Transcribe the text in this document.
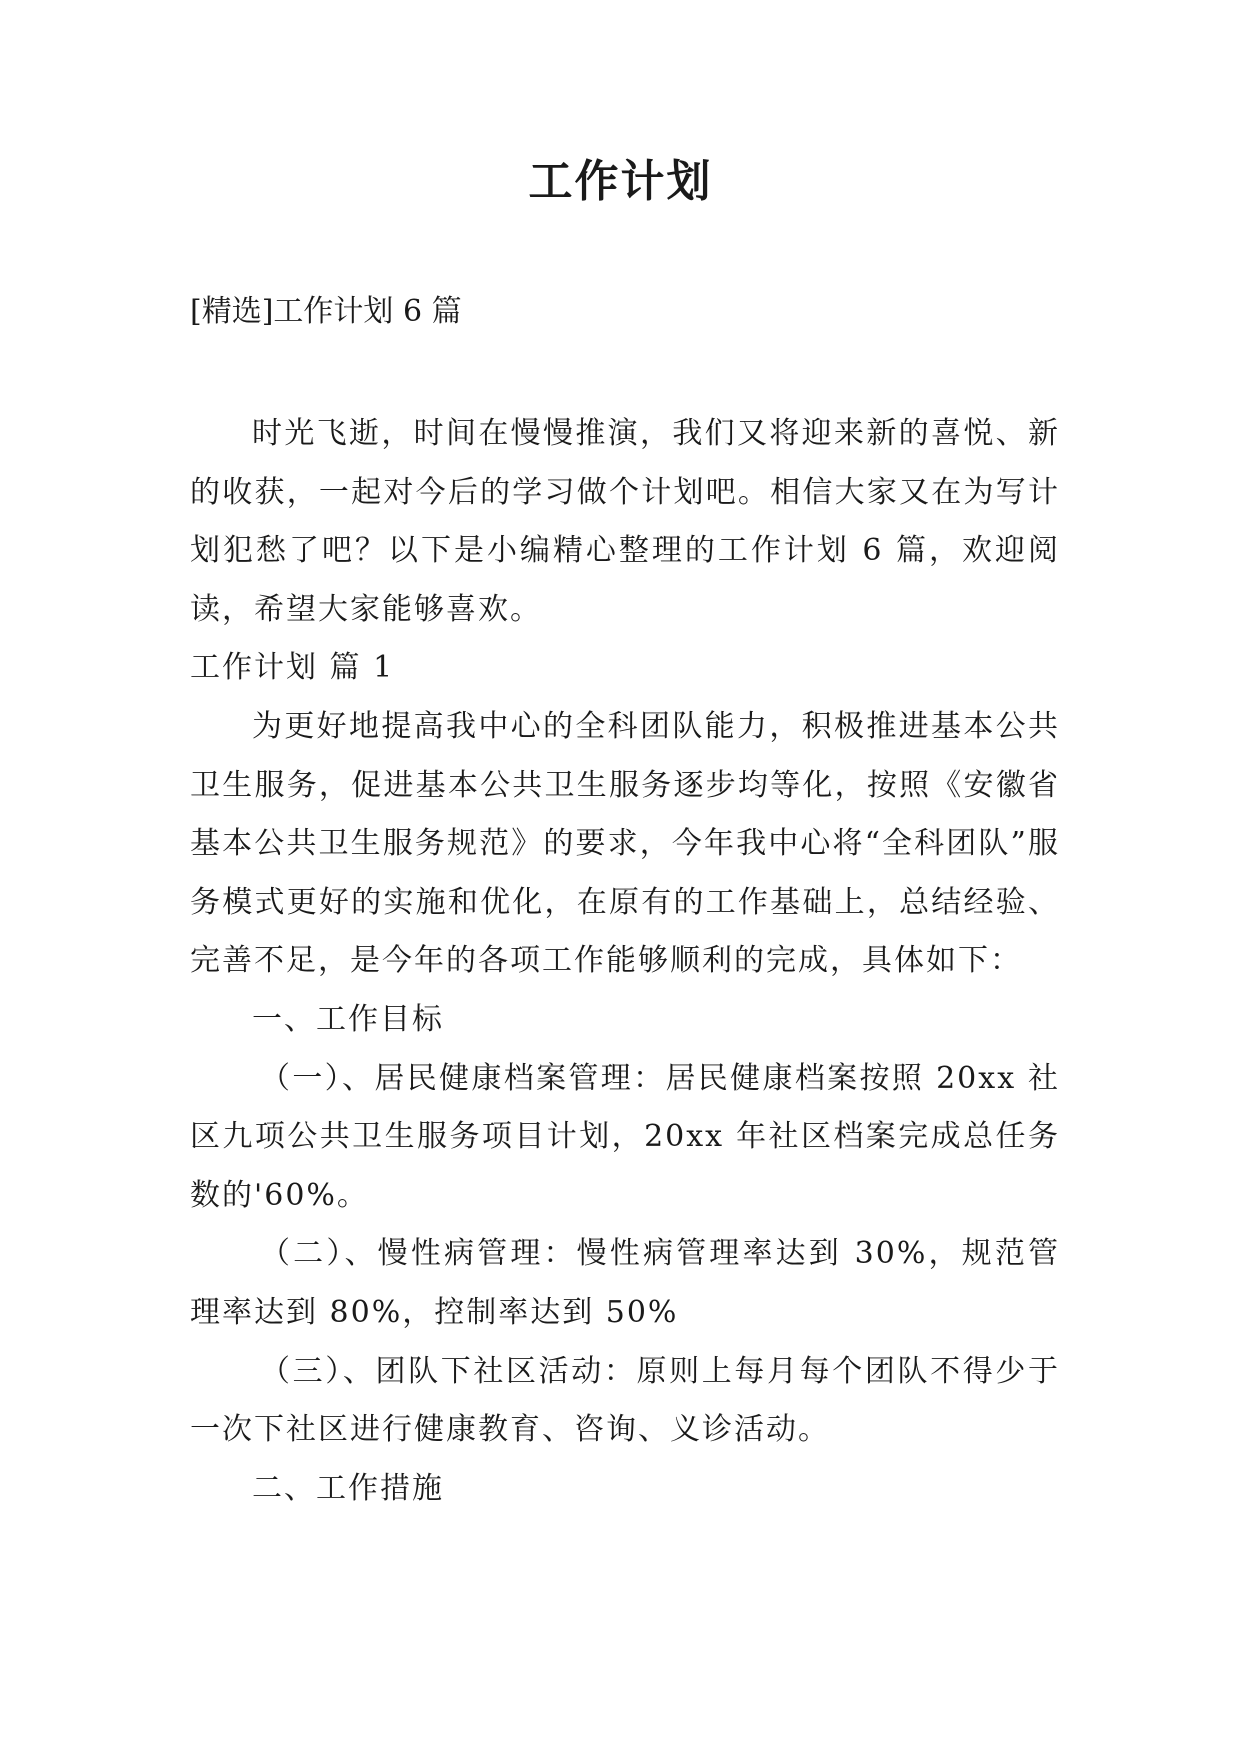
工作计划
[精选]工作计划 6 篇

时光飞逝，时间在慢慢推演，我们又将迎来新的喜悦、新的收获，一起对今后的学习做个计划吧。相信大家又在为写计划犯愁了吧？以下是小编精心整理的工作计划 6 篇，欢迎阅读，希望大家能够喜欢。

工作计划 篇 1

为更好地提高我中心的全科团队能力，积极推进基本公共卫生服务，促进基本公共卫生服务逐步均等化，按照《安徽省基本公共卫生服务规范》的要求，今年我中心将“全科团队”服务模式更好的实施和优化，在原有的工作基础上，总结经验、完善不足，是今年的各项工作能够顺利的完成，具体如下：

一、工作目标

（一）、居民健康档案管理：居民健康档案按照 20xx 社区九项公共卫生服务项目计划，20xx 年社区档案完成总任务数的'60%。

（二）、慢性病管理：慢性病管理率达到 30%，规范管理率达到 80%，控制率达到 50%

（三）、团队下社区活动：原则上每月每个团队不得少于一次下社区进行健康教育、咨询、义诊活动。

二、工作措施
